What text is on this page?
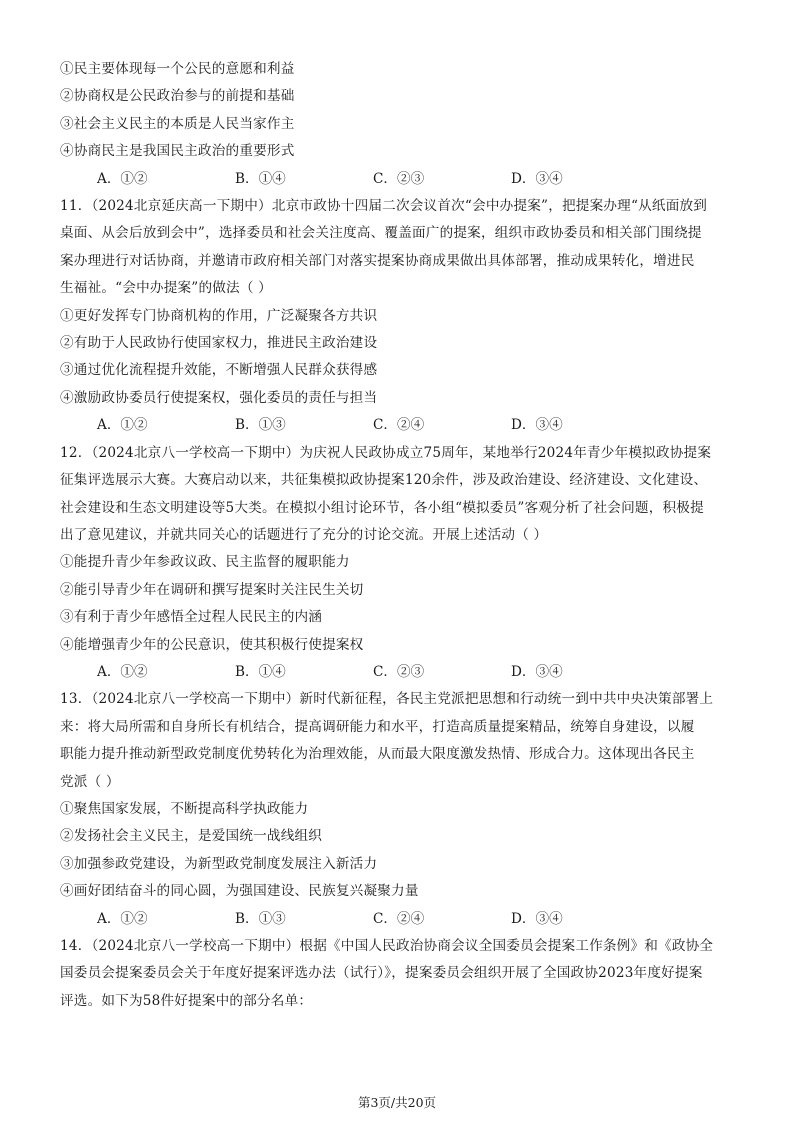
①民主要体现每一个公民的意愿和利益
②协商权是公民政治参与的前提和基础
③社会主义民主的本质是人民当家作主
④协商民主是我国民主政治的重要形式
A．①②	B．①④	C．②③	D．③④
11．（2024北京延庆高一下期中）北京市政协十四届二次会议首次“会中办提案”，把提案办理“从纸面放到
桌面、从会后放到会中”，选择委员和社会关注度高、覆盖面广的提案，组织市政协委员和相关部门围绕提
案办理进行对话协商，并邀请市政府相关部门对落实提案协商成果做出具体部署，推动成果转化，增进民
生福祉。“会中办提案”的做法（ ）
①更好发挥专门协商机构的作用，广泛凝聚各方共识
②有助于人民政协行使国家权力，推进民主政治建设
③通过优化流程提升效能，不断增强人民群众获得感
④激励政协委员行使提案权，强化委员的责任与担当
A．①②	B．①③	C．②④	D．③④
12．（2024北京八一学校高一下期中）为庆祝人民政协成立75周年，某地举行2024年青少年模拟政协提案
征集评选展示大赛。大赛启动以来，共征集模拟政协提案120余件，涉及政治建设、经济建设、文化建设、
社会建设和生态文明建设等5大类。在模拟小组讨论环节，各小组“模拟委员”客观分析了社会问题，积极提
出了意见建议，并就共同关心的话题进行了充分的讨论交流。开展上述活动（ ）
①能提升青少年参政议政、民主监督的履职能力
②能引导青少年在调研和撰写提案时关注民生关切
③有利于青少年感悟全过程人民民主的内涵
④能增强青少年的公民意识，使其积极行使提案权
A．①②	B．①④	C．②③	D．③④
13．（2024北京八一学校高一下期中）新时代新征程，各民主党派把思想和行动统一到中共中央决策部署上
来：将大局所需和自身所长有机结合，提高调研能力和水平，打造高质量提案精品，统筹自身建设，以履
职能力提升推动新型政党制度优势转化为治理效能，从而最大限度激发热情、形成合力。这体现出各民主
党派（ ）
①聚焦国家发展，不断提高科学执政能力
②发扬社会主义民主，是爱国统一战线组织
③加强参政党建设，为新型政党制度发展注入新活力
④画好团结奋斗的同心圆，为强国建设、民族复兴凝聚力量
A．①②	B．①③	C．②④	D．③④
14．（2024北京八一学校高一下期中）根据《中国人民政治协商会议全国委员会提案工作条例》和《政协全
国委员会提案委员会关于年度好提案评选办法（试行）》，提案委员会组织开展了全国政协2023年度好提案
评选。如下为58件好提案中的部分名单：
第3页/共20页
